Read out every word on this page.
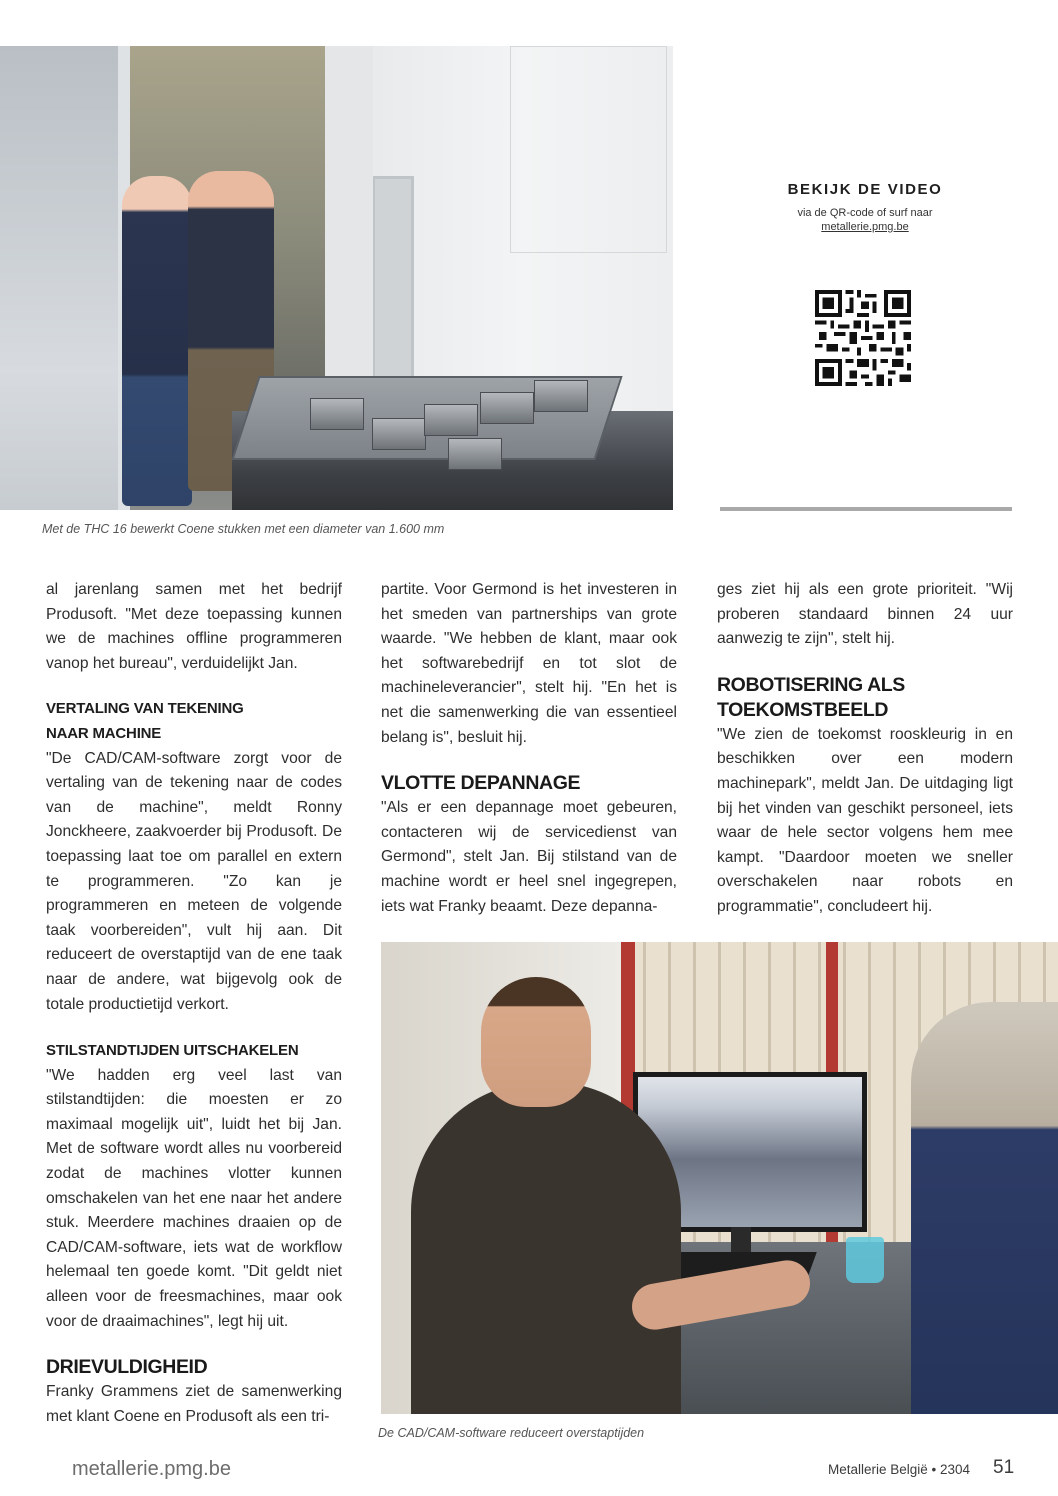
Met de THC 16 bewerkt Coene stukken met een diameter van 1.600 mm
BEKIJK DE VIDEO
via de QR-code of surf naar
metallerie.pmg.be

al jarenlang samen met het bedrijf Produsoft. "Met deze toepassing kunnen we de machines offline programmeren vanop het bureau", verduidelijkt Jan.

VERTALING VAN TEKENING
NAAR MACHINE

"De CAD/CAM-software zorgt voor de vertaling van de tekening naar de codes van de machine", meldt Ronny Jonckheere, zaakvoerder bij Produsoft. De toepassing laat toe om parallel en extern te programmeren. "Zo kan je programmeren en meteen de volgende taak voorbereiden", vult hij aan. Dit reduceert de overstaptijd van de ene taak naar de andere, wat bijgevolg ook de totale productietijd verkort.

STILSTANDTIJDEN UITSCHAKELEN

"We hadden erg veel last van stilstandtijden: die moesten er zo maximaal mogelijk uit", luidt het bij Jan. Met de software wordt alles nu voorbereid zodat de machines vlotter kunnen omschakelen van het ene naar het andere stuk. Meerdere machines draaien op de CAD/CAM-software, iets wat de workflow helemaal ten goede komt. "Dit geldt niet alleen voor de freesmachines, maar ook voor de draaimachines", legt hij uit.

DRIEVULDIGHEID

Franky Grammens ziet de samenwerking met klant Coene en Produsoft als een tri-

partite. Voor Germond is het investeren in het smeden van partnerships van grote waarde. "We hebben de klant, maar ook het softwarebedrijf en tot slot de machineleverancier", stelt hij. "En het is net die samenwerking die van essentieel belang is", besluit hij.

VLOTTE DEPANNAGE

"Als er een depannage moet gebeuren, contacteren wij de servicedienst van Germond", stelt Jan. Bij stilstand van de machine wordt er heel snel ingegrepen, iets wat Franky beaamt. Deze depanna-

ges ziet hij als een grote prioriteit. "Wij proberen standaard binnen 24 uur aanwezig te zijn", stelt hij.

ROBOTISERING ALS
TOEKOMSTBEELD

"We zien de toekomst rooskleurig in en beschikken over een modern machinepark", meldt Jan. De uitdaging ligt bij het vinden van geschikt personeel, iets waar de hele sector volgens hem mee kampt. "Daardoor moeten we sneller overschakelen naar robots en programmatie", concludeert hij.

De CAD/CAM-software reduceert overstaptijden
metallerie.pmg.be	Metallerie België • 2304 51
